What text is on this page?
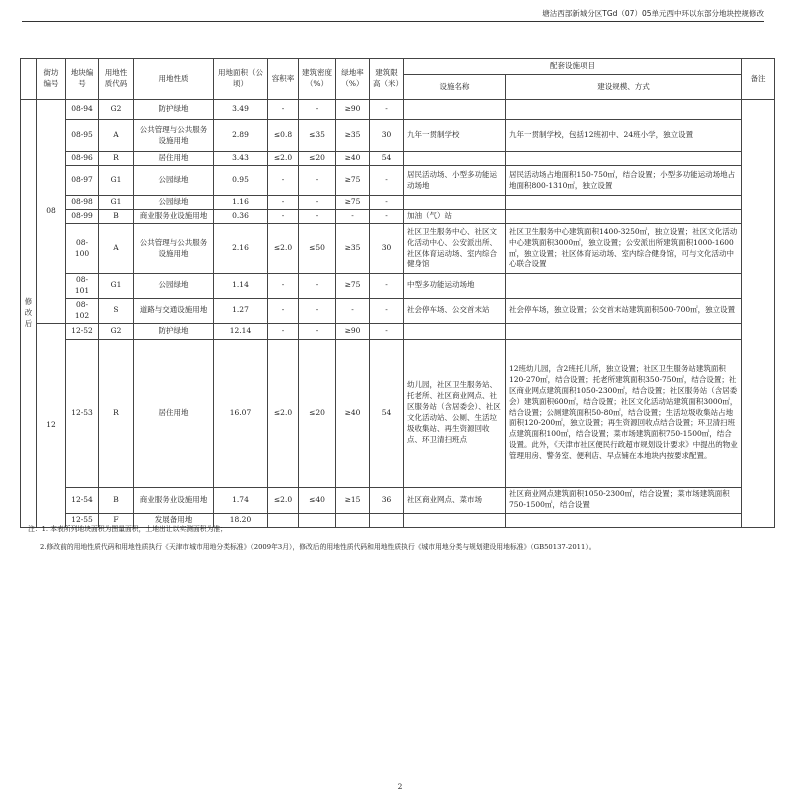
塘沽西部新城分区TGd（07）05单元西中环以东部分地块控规修改
	街坊编号	地块编号	用地性质代码	用地性质	用地面积（公顷）	容积率	建筑密度（%）	绿地率（%）	建筑限高（米）	配套设施项目		备注
										设施名称	建设规模、方式	
修
改
后	08	08-94	G2	防护绿地	3.49	-	-	≥90	-			
		08-95	A	公共管理与公共服务设施用地	2.89	≤0.8	≤35	≥35	30	九年一贯制学校	九年一贯制学校，包括12班初中、24班小学，独立设置	
		08-96	R	居住用地	3.43	≤2.0	≤20	≥40	54			
		08-97	G1	公园绿地	0.95	-	-	≥75	-	居民活动场、小型多功能运动场地	居民活动场占地面积150-750㎡，结合设置；小型多功能运动场地占地面积800-1310㎡，独立设置	
		08-98	G1	公园绿地	1.16	-	-	≥75	-			
		08-99	B	商业服务业设施用地	0.36	-	-	-	-	加油（气）站		
		08-100	A	公共管理与公共服务设施用地	2.16	≤2.0	≤50	≥35	30	社区卫生服务中心、社区文化活动中心、公安派出所、社区体育运动场、室内综合健身馆	社区卫生服务中心建筑面积1400-3250㎡，独立设置；社区文化活动中心建筑面积3000㎡，独立设置；公安派出所建筑面积1000-1600㎡，独立设置；社区体育运动场、室内综合健身馆，可与文化活动中心联合设置	
		08-101	G1	公园绿地	1.14	-	-	≥75	-	中型多功能运动场地		
		08-102	S	道路与交通设施用地	1.27	-	-	-	-	社会停车场、公交首末站	社会停车场，独立设置；公交首末站建筑面积500-700㎡，独立设置	
	12	12-52	G2	防护绿地	12.14	-	-	≥90	-			
		12-53	R	居住用地	16.07	≤2.0	≤20	≥40	54	幼儿园，社区卫生服务站、托老所、社区商业网点、社区服务站（含居委会）、社区文化活动站、公厕、生活垃圾收集站、再生资源回收点、环卫清扫班点	12班幼儿园，含2班托儿所，独立设置；社区卫生服务站建筑面积120-270㎡，结合设置；托老所建筑面积350-750㎡，结合设置；社区商业网点建筑面积1050-2300㎡，结合设置；社区服务站（含居委会）建筑面积600㎡，结合设置；社区文化活动站建筑面积3000㎡，结合设置；公厕建筑面积50-80㎡，结合设置；生活垃圾收集站占地面积120-200㎡，独立设置；再生资源回收点结合设置；环卫清扫班点建筑面积100㎡，结合设置；菜市场建筑面积750-1500㎡，结合设置。此外，《天津市社区便民行政超市规划设计要求》中提出的物业管理用房、警务室、便利店、早点铺在本地块内按要求配置。	
		12-54	B	商业服务业设施用地	1.74	≤2.0	≤40	≥15	36	社区商业网点、菜市场	社区商业网点建筑面积1050-2300㎡，结合设置；菜市场建筑面积750-1500㎡，结合设置	
		12-55	F	发展备用地	18.20							
注：1. 本表所列地块面积为图量面积，土地出让以实测面积为准；
2.修改前的用地性质代码和用地性质执行《天津市城市用地分类标准》（2009年3月），修改后的用地性质代码和用地性质执行《城市用地分类与规划建设用地标准》（GB50137-2011）。
2
